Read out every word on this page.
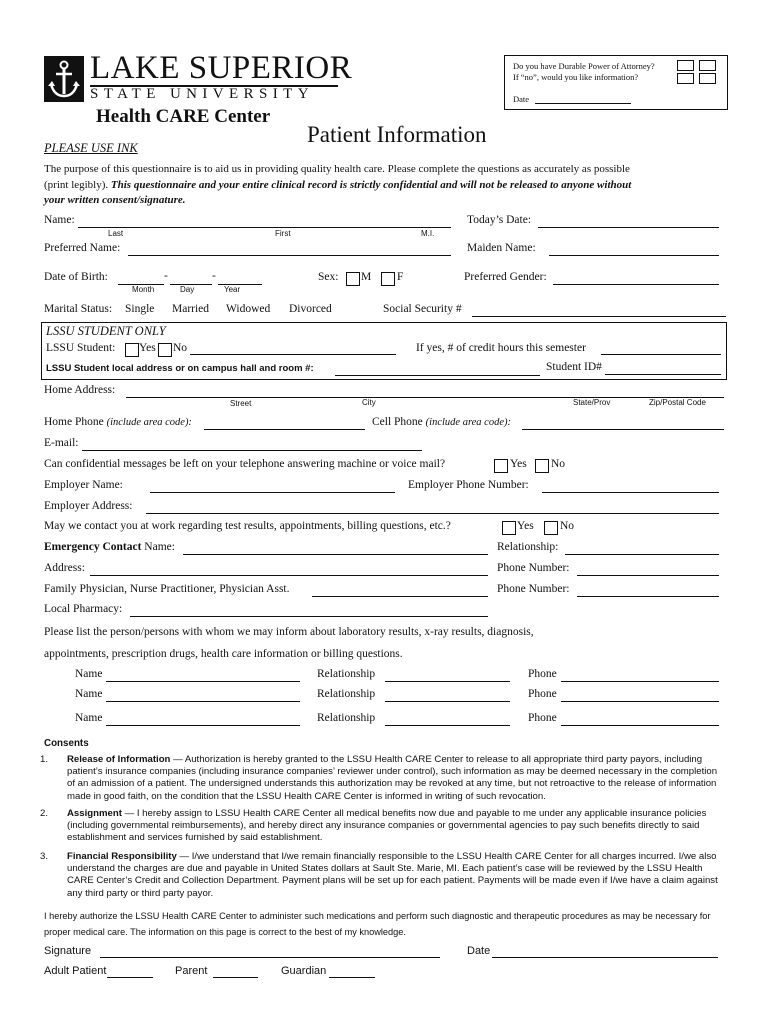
LAKE SUPERIOR
STATE UNIVERSITY
Health CARE Center
Patient Information
PLEASE USE INK
Do you have Durable Power of Attorney?
If “no”, would you like information?
Date
The purpose of this questionnaire is to aid us in providing quality health care. Please complete the questions as accurately as possible
(print legibly). This questionnaire and your entire clinical record is strictly confidential and will not be released to anyone without
your written consent/signature.
Name:
Last	First	M.I.
Today’s Date:
Preferred Name:	Maiden Name:
Date of Birth:	-	-
Month	Day	Year
Sex: M F	Preferred Gender:
Marital Status: Single Married Widowed Divorced	Social Security #
LSSU STUDENT ONLY
LSSU Student: Yes No	If yes, # of credit hours this semester
LSSU Student local address or on campus hall and room #:	Student ID#
Home Address:
Street	City	State/Prov	Zip/Postal Code
Home Phone (include area code):	Cell Phone (include area code):
E-mail:
Can confidential messages be left on your telephone answering machine or voice mail?	Yes No
Employer Name:	Employer Phone Number:
Employer Address:
May we contact you at work regarding test results, appointments, billing questions, etc.?	Yes No
Emergency Contact Name:	Relationship:
Address:	Phone Number:
Family Physician, Nurse Practitioner, Physician Asst.	Phone Number:
Local Pharmacy:
Please list the person/persons with whom we may inform about laboratory results, x-ray results, diagnosis,
appointments, prescription drugs, health care information or billing questions.
Name	Relationship	Phone
Name	Relationship	Phone
Name	Relationship	Phone
Consents
1. Release of Information — Authorization is hereby granted to the LSSU Health CARE Center to release to all appropriate third party payors, including patient’s insurance companies (including insurance companies’ reviewer under control), such information as may be deemed necessary in the completion of an admission of a patient. The undersigned understands this authorization may be revoked at any time, but not retroactive to the release of information made in good faith, on the condition that the LSSU Health CARE Center is informed in writing of such revocation.
2. Assignment — I hereby assign to LSSU Health CARE Center all medical benefits now due and payable to me under any applicable insurance policies (including governmental reimbursements), and hereby direct any insurance companies or governmental agencies to pay such benefits directly to said establishment and services furnished by said establishment.
3. Financial Responsibility — I/we understand that I/we remain financially responsible to the LSSU Health CARE Center for all charges incurred. I/we also understand the charges are due and payable in United States dollars at Sault Ste. Marie, MI. Each patient’s case will be reviewed by the LSSU Health CARE Center’s Credit and Collection Department. Payment plans will be set up for each patient. Payments will be made even if I/we have a claim against any third party or third party payor.
I hereby authorize the LSSU Health CARE Center to administer such medications and perform such diagnostic and therapeutic procedures as may be necessary for proper medical care. The information on this page is correct to the best of my knowledge.
Signature	Date
Adult Patient	Parent	Guardian
